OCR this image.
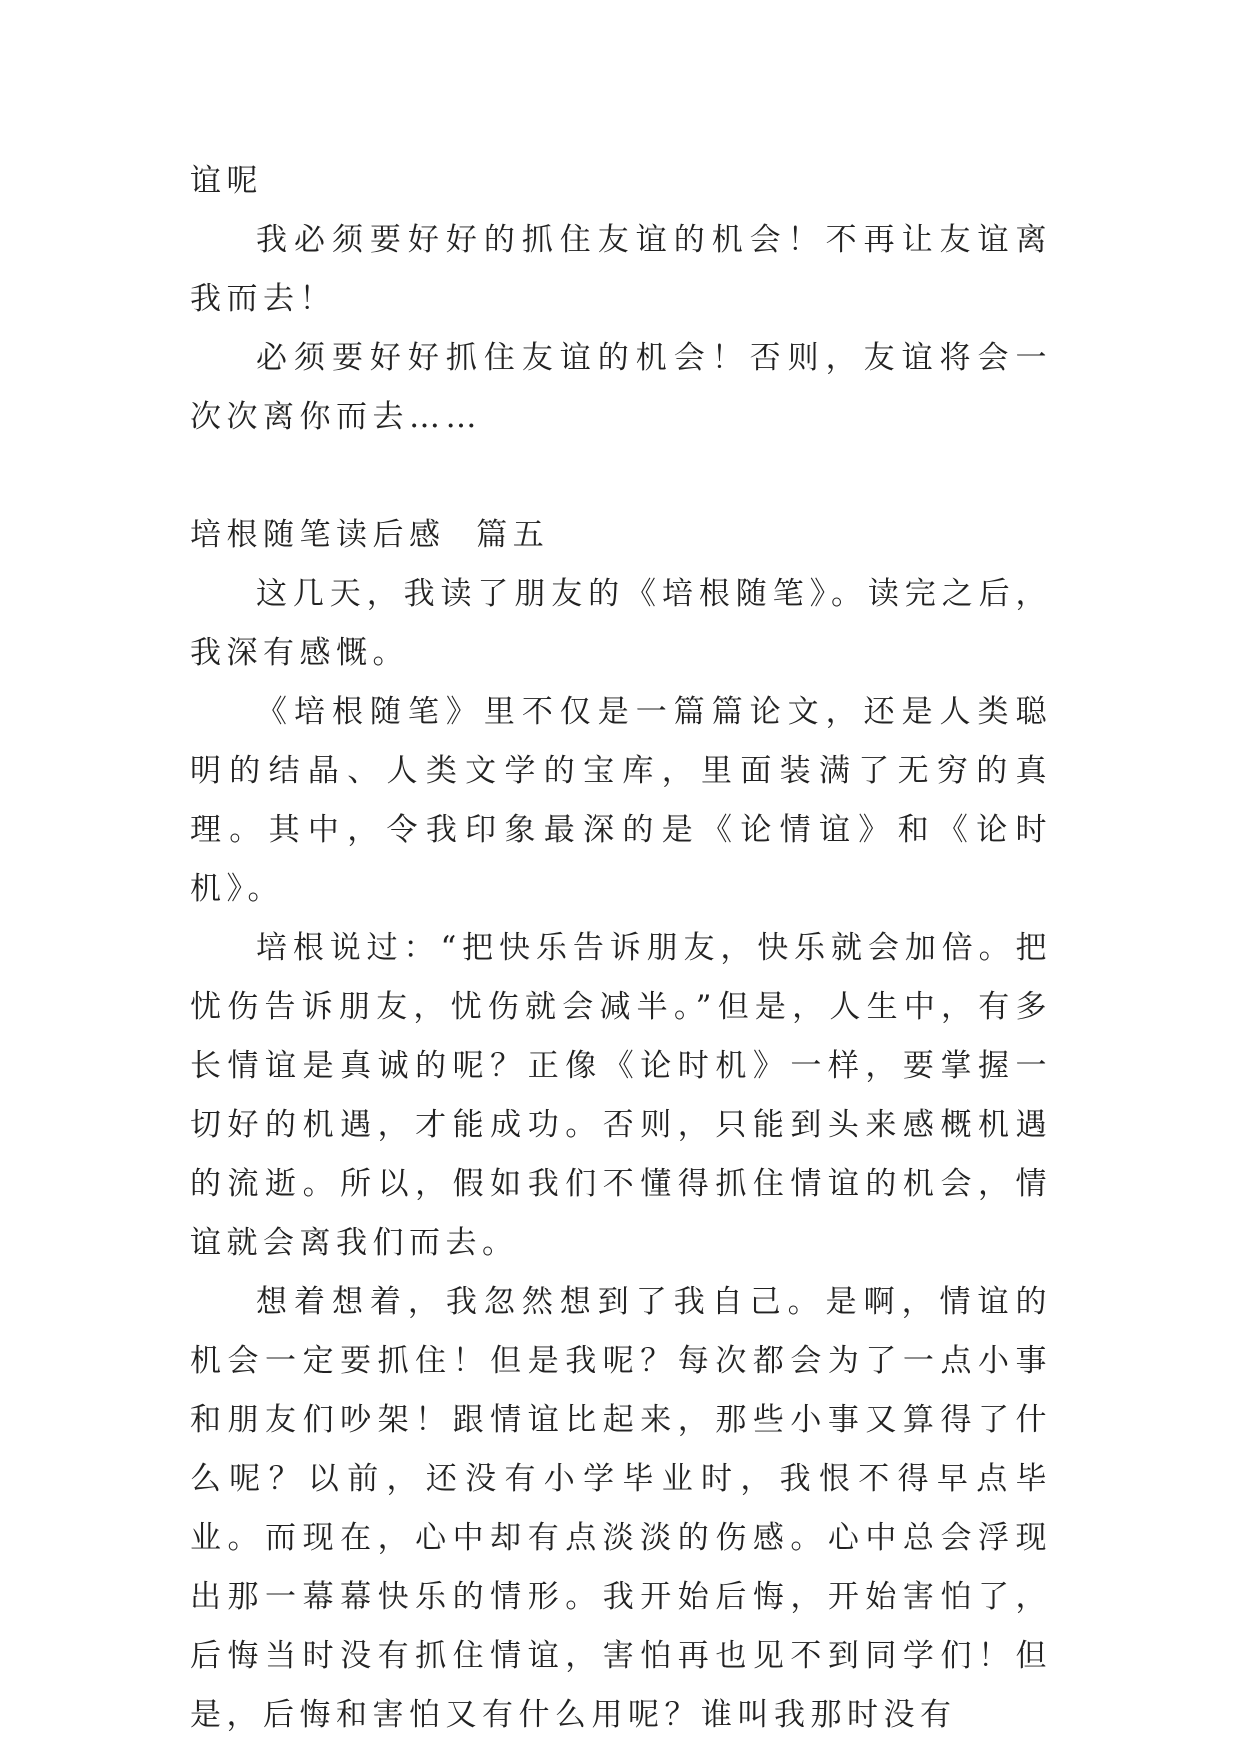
谊呢

我必须要好好的抓住友谊的机会！不再让友谊离我而去！

必须要好好抓住友谊的机会！否则，友谊将会一次次离你而去……

培根随笔读后感  篇五

这几天，我读了朋友的《培根随笔》。读完之后，我深有感慨。

《培根随笔》里不仅是一篇篇论文，还是人类聪明的结晶、人类文学的宝库，里面装满了无穷的真理。其中，令我印象最深的是《论情谊》和《论时机》。

培根说过：“把快乐告诉朋友，快乐就会加倍。把忧伤告诉朋友，忧伤就会减半。”但是，人生中，有多长情谊是真诚的呢？正像《论时机》一样，要掌握一切好的机遇，才能成功。否则，只能到头来感概机遇的流逝。所以，假如我们不懂得抓住情谊的机会，情谊就会离我们而去。

想着想着，我忽然想到了我自己。是啊，情谊的机会一定要抓住！但是我呢？每次都会为了一点小事和朋友们吵架！跟情谊比起来，那些小事又算得了什么呢？以前，还没有小学毕业时，我恨不得早点毕业。而现在，心中却有点淡淡的伤感。心中总会浮现出那一幕幕快乐的情形。我开始后悔，开始害怕了，后悔当时没有抓住情谊，害怕再也见不到同学们！但是，后悔和害怕又有什么用呢？谁叫我那时没有
